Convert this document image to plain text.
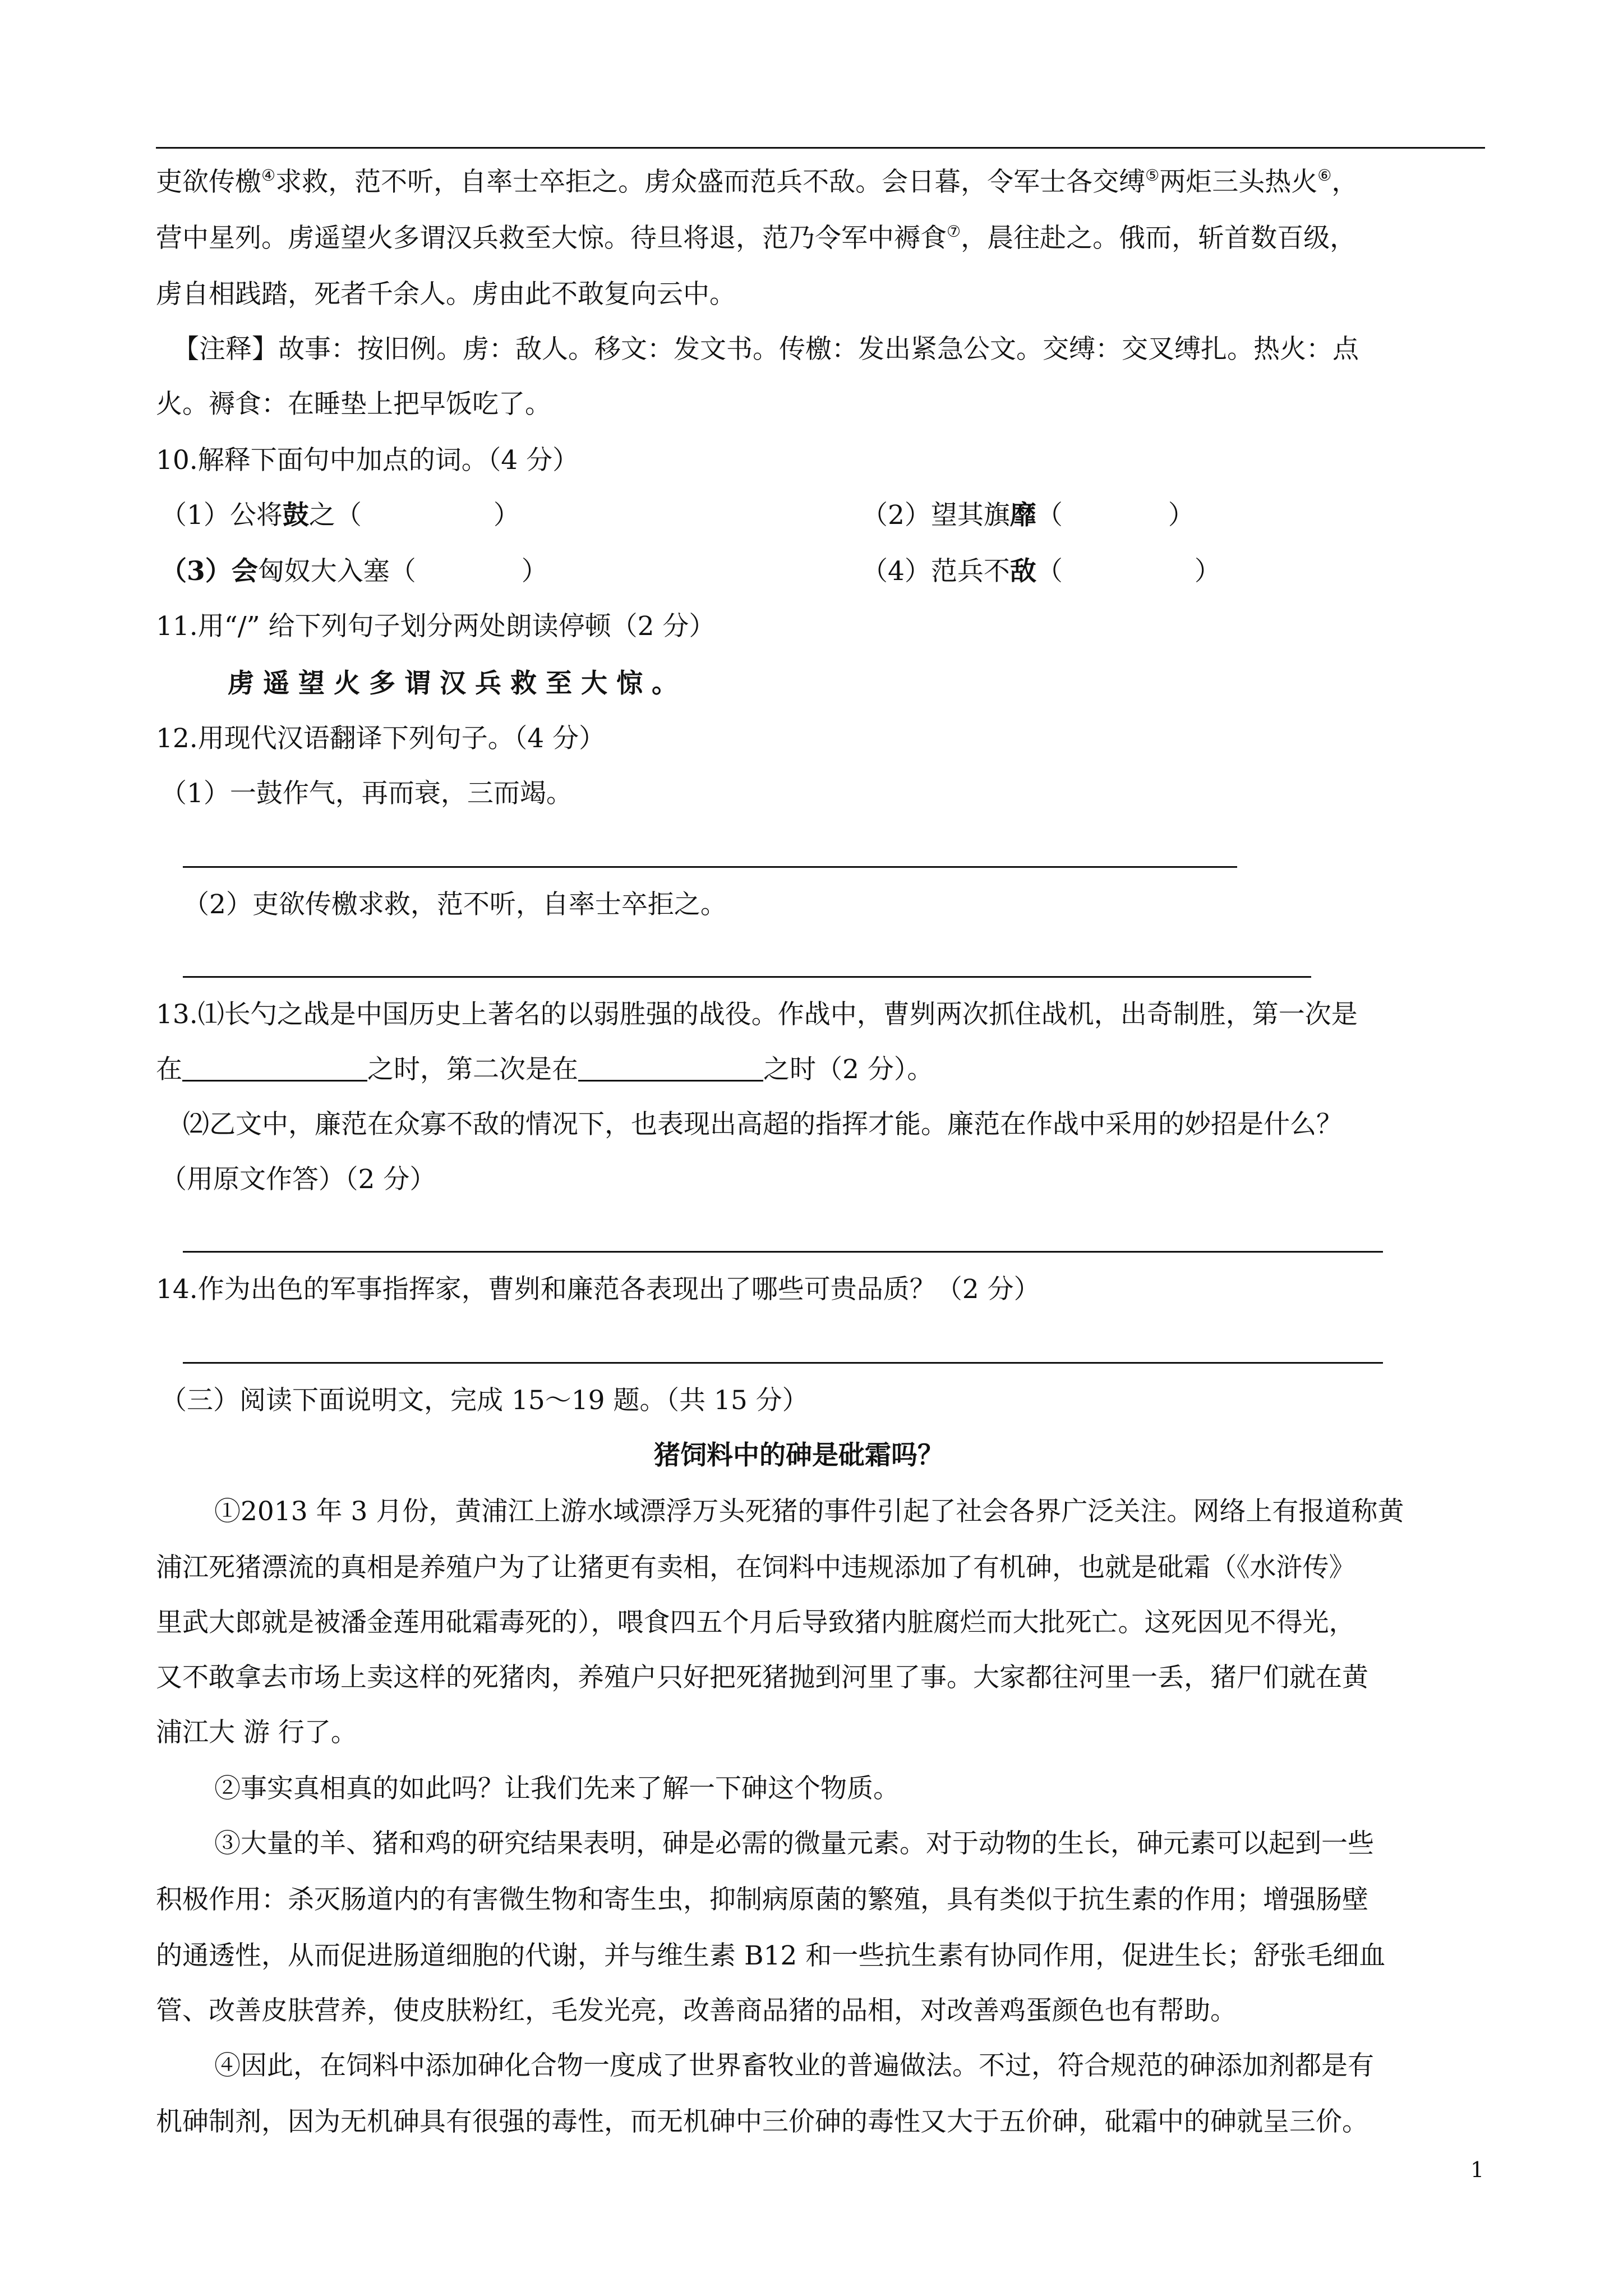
吏欲传檄④求救，范不听，自率士卒拒之。虏众盛而范兵不敌。会日暮，令军士各交缚⑤两炬三头热火⑥，
营中星列。虏遥望火多谓汉兵救至大惊。待旦将退，范乃令军中褥食⑦，晨往赴之。俄而，斩首数百级，
虏自相践踏，死者千余人。虏由此不敢复向云中。
【注释】故事：按旧例。虏：敌人。移文：发文书。传檄：发出紧急公文。交缚：交叉缚扎。热火：点
火。褥食：在睡垫上把早饭吃了。
10.解释下面句中加点的词。（4 分）
（1）公将鼓之（　　　　　）	（2）望其旗靡（　　　　）
（3）会匈奴大入塞（　　　　）	（4）范兵不敌（　　　　　）
11.用“/” 给下列句子划分两处朗读停顿（2 分）
虏遥望火多谓汉兵救至大惊。
12.用现代汉语翻译下列句子。（4 分）
（1）一鼓作气，再而衰，三而竭。
（2）吏欲传檄求救，范不听，自率士卒拒之。
13.⑴长勺之战是中国历史上著名的以弱胜强的战役。作战中，曹刿两次抓住战机，出奇制胜，第一次是
在	之时，第二次是在	之时（2 分）。
⑵乙文中，廉范在众寡不敌的情况下，也表现出高超的指挥才能。廉范在作战中采用的妙招是什么？
（用原文作答）（2 分）
14.作为出色的军事指挥家，曹刿和廉范各表现出了哪些可贵品质？（2 分）
（三）阅读下面说明文，完成 15～19 题。（共 15 分）
猪饲料中的砷是砒霜吗？
①2013 年 3 月份，黄浦江上游水域漂浮万头死猪的事件引起了社会各界广泛关注。网络上有报道称黄
浦江死猪漂流的真相是养殖户为了让猪更有卖相，在饲料中违规添加了有机砷，也就是砒霜（《水浒传》
里武大郎就是被潘金莲用砒霜毒死的），喂食四五个月后导致猪内脏腐烂而大批死亡。这死因见不得光，
又不敢拿去市场上卖这样的死猪肉，养殖户只好把死猪抛到河里了事。大家都往河里一丢，猪尸们就在黄
浦江大 游 行了。
②事实真相真的如此吗？让我们先来了解一下砷这个物质。
③大量的羊、猪和鸡的研究结果表明，砷是必需的微量元素。对于动物的生长，砷元素可以起到一些
积极作用：杀灭肠道内的有害微生物和寄生虫，抑制病原菌的繁殖，具有类似于抗生素的作用；增强肠壁
的通透性，从而促进肠道细胞的代谢，并与维生素 B12 和一些抗生素有协同作用，促进生长；舒张毛细血
管、改善皮肤营养，使皮肤粉红，毛发光亮，改善商品猪的品相，对改善鸡蛋颜色也有帮助。
④因此，在饲料中添加砷化合物一度成了世界畜牧业的普遍做法。不过，符合规范的砷添加剂都是有
机砷制剂，因为无机砷具有很强的毒性，而无机砷中三价砷的毒性又大于五价砷，砒霜中的砷就呈三价。
1
